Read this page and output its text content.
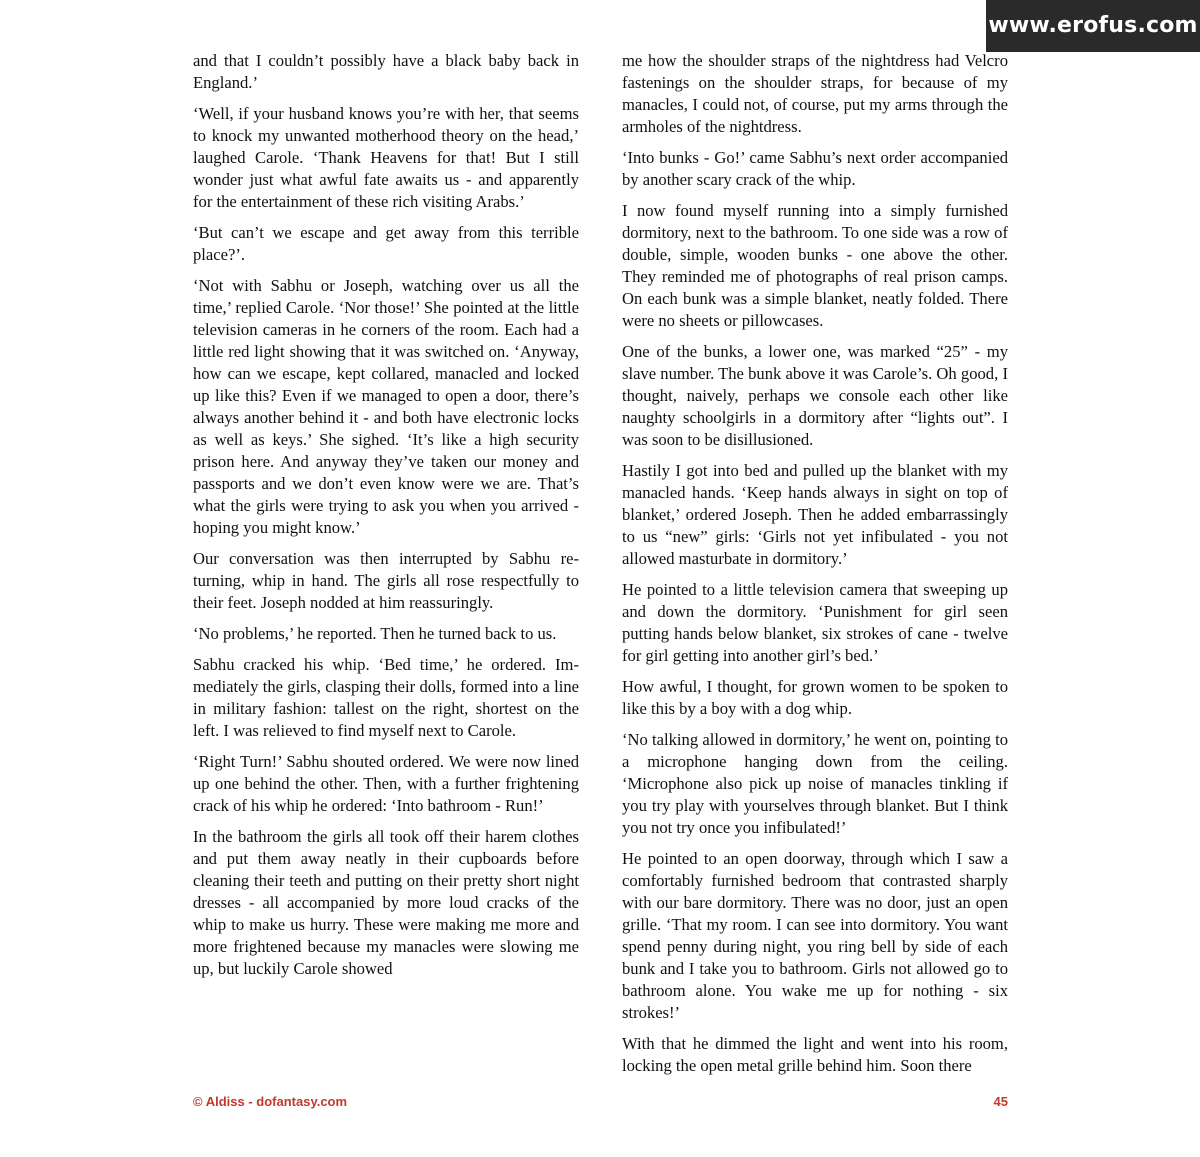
www.erofus.com

and that I couldn’t possibly have a black baby back in England.’

‘Well, if your husband knows you’re with her, that seems to knock my unwanted motherhood theory on the head,’ laughed Carole. ‘Thank Heavens for that! But I still wonder just what awful fate awaits us - and apparently for the entertainment of these rich visiting Arabs.’

‘But can’t we escape and get away from this terrible place?’.

‘Not with Sabhu or Joseph, watching over us all the time,’ replied Carole. ‘Nor those!’ She pointed at the little television cameras in he corners of the room. Each had a little red light showing that it was switched on. ‘Anyway, how can we escape, kept collared, manacled and locked up like this? Even if we managed to open a door, there’s always another behind it - and both have electronic locks as well as keys.’ She sighed. ‘It’s like a high security prison here. And anyway they’ve taken our money and passports and we don’t even know were we are. That’s what the girls were trying to ask you when you arrived - hoping you might know.’

Our conversation was then interrupted by Sabhu returning, whip in hand. The girls all rose respectfully to their feet. Joseph nodded at him reassuringly.

‘No problems,’ he reported. Then he turned back to us.

Sabhu cracked his whip. ‘Bed time,’ he ordered. Immediately the girls, clasping their dolls, formed into a line in military fashion: tallest on the right, shortest on the left. I was relieved to find myself next to Carole.

‘Right Turn!’ Sabhu shouted ordered. We were now lined up one behind the other. Then, with a further frightening crack of his whip he ordered: ‘Into bathroom - Run!’

In the bathroom the girls all took off their harem clothes and put them away neatly in their cupboards before cleaning their teeth and putting on their pretty short night dresses - all accompanied by more loud cracks of the whip to make us hurry. These were making me more and more frightened because my manacles were slowing me up, but luckily Carole showed

me how the shoulder straps of the nightdress had Velcro fastenings on the shoulder straps, for because of my manacles, I could not, of course, put my arms through the armholes of the nightdress.

‘Into bunks - Go!’ came Sabhu’s next order accompanied by another scary crack of the whip.

I now found myself running into a simply furnished dormitory, next to the bathroom. To one side was a row of double, simple, wooden bunks - one above the other. They reminded me of photographs of real prison camps. On each bunk was a simple blanket, neatly folded. There were no sheets or pillowcases.

One of the bunks, a lower one, was marked “25” - my slave number. The bunk above it was Carole’s. Oh good, I thought, naively, perhaps we console each other like naughty schoolgirls in a dormitory after “lights out”. I was soon to be disillusioned.

Hastily I got into bed and pulled up the blanket with my manacled hands. ‘Keep hands always in sight on top of blanket,’ ordered Joseph. Then he added embarrassingly to us “new” girls: ‘Girls not yet infibulated - you not allowed masturbate in dormitory.’

He pointed to a little television camera that sweeping up and down the dormitory. ‘Punishment for girl seen putting hands below blanket, six strokes of cane - twelve for girl getting into another girl’s bed.’

How awful, I thought, for grown women to be spoken to like this by a boy with a dog whip.

‘No talking allowed in dormitory,’ he went on, pointing to a microphone hanging down from the ceiling. ‘Microphone also pick up noise of manacles tinkling if you try play with yourselves through blanket. But I think you not try once you infibulated!’

He pointed to an open doorway, through which I saw a comfortably furnished bedroom that contrasted sharply with our bare dormitory. There was no door, just an open grille. ‘That my room. I can see into dormitory. You want spend penny during night, you ring bell by side of each bunk and I take you to bathroom. Girls not allowed go to bathroom alone. You wake me up for nothing - six strokes!’

With that he dimmed the light and went into his room, locking the open metal grille behind him. Soon there

© Aldiss - dofantasy.com	45
